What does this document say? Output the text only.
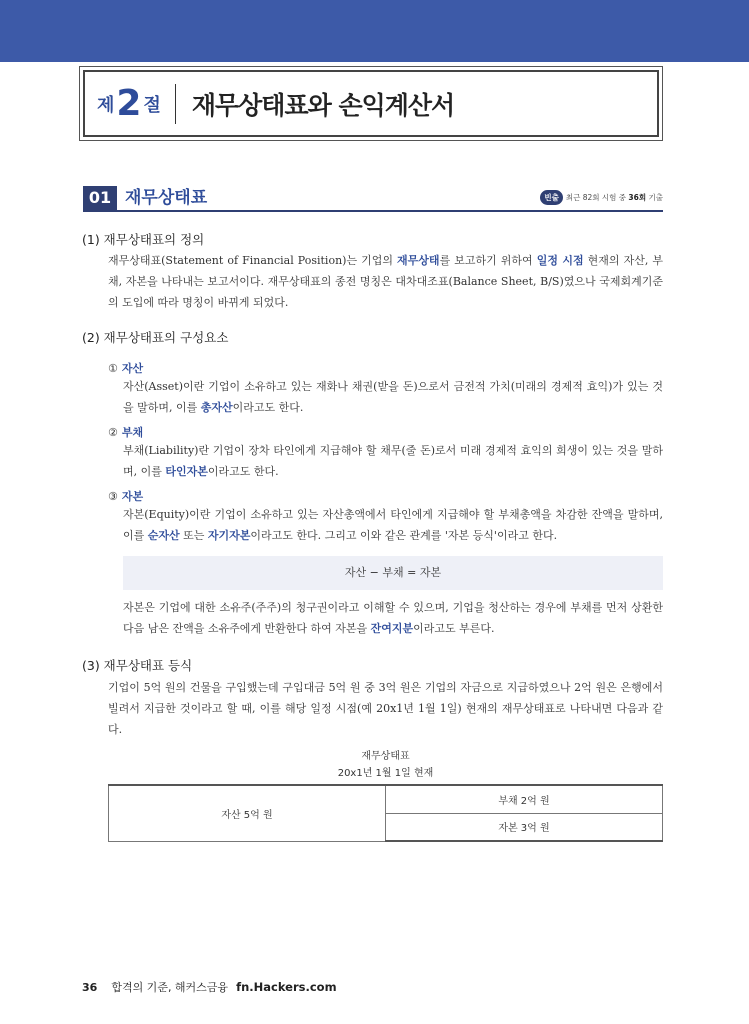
제 2 절 재무상태표와 손익계산서
01 재무상태표	빈출 최근 82회 시험 중
36회
기출
(1) 재무상태표의 정의

재무상태표(Statement of Financial Position)는 기업의 재무상태를 보고하기 위하여 일정 시점 현재의 자산, 부채, 자본을 나타내는 보고서이다. 재무상태표의 종전 명칭은 대차대조표(Balance Sheet, B/S)였으나 국제회계기준의 도입에 따라 명칭이 바뀌게 되었다.

(2) 재무상태표의 구성요소
① 자산

자산(Asset)이란 기업이 소유하고 있는 재화나 채권(받을 돈)으로서 금전적 가치(미래의 경제적 효익)가 있는 것을 말하며, 이를 총자산이라고도 한다.

② 부채

부채(Liability)란 기업이 장차 타인에게 지급해야 할 채무(줄 돈)로서 미래 경제적 효익의 희생이 있는 것을 말하며, 이를 타인자본이라고도 한다.

③ 자본

자본(Equity)이란 기업이 소유하고 있는 자산총액에서 타인에게 지급해야 할 부채총액을 차감한 잔액을 말하며, 이를 순자산 또는 자기자본이라고도 한다. 그리고 이와 같은 관계를 '자본 등식'이라고 한다.

자산 − 부채 = 자본

자본은 기업에 대한 소유주(주주)의 청구권이라고 이해할 수 있으며, 기업을 청산하는 경우에 부채를 먼저 상환한 다음 남은 잔액을 소유주에게 반환한다 하여 자본을 잔여지분이라고도 부른다.

(3) 재무상태표 등식

기업이 5억 원의 건물을 구입했는데 구입대금 5억 원 중 3억 원은 기업의 자금으로 지급하였으나 2억 원은 은행에서 빌려서 지급한 것이라고 할 때, 이를 해당 일정 시점(예 20x1년 1월 1일) 현재의 재무상태표로 나타내면 다음과 같다.

재무상태표
20x1년 1월 1일 현재
자산 5억 원	부채 2억 원
자본 3억 원
36 합격의 기준, 해커스금융 fn.Hackers.com
